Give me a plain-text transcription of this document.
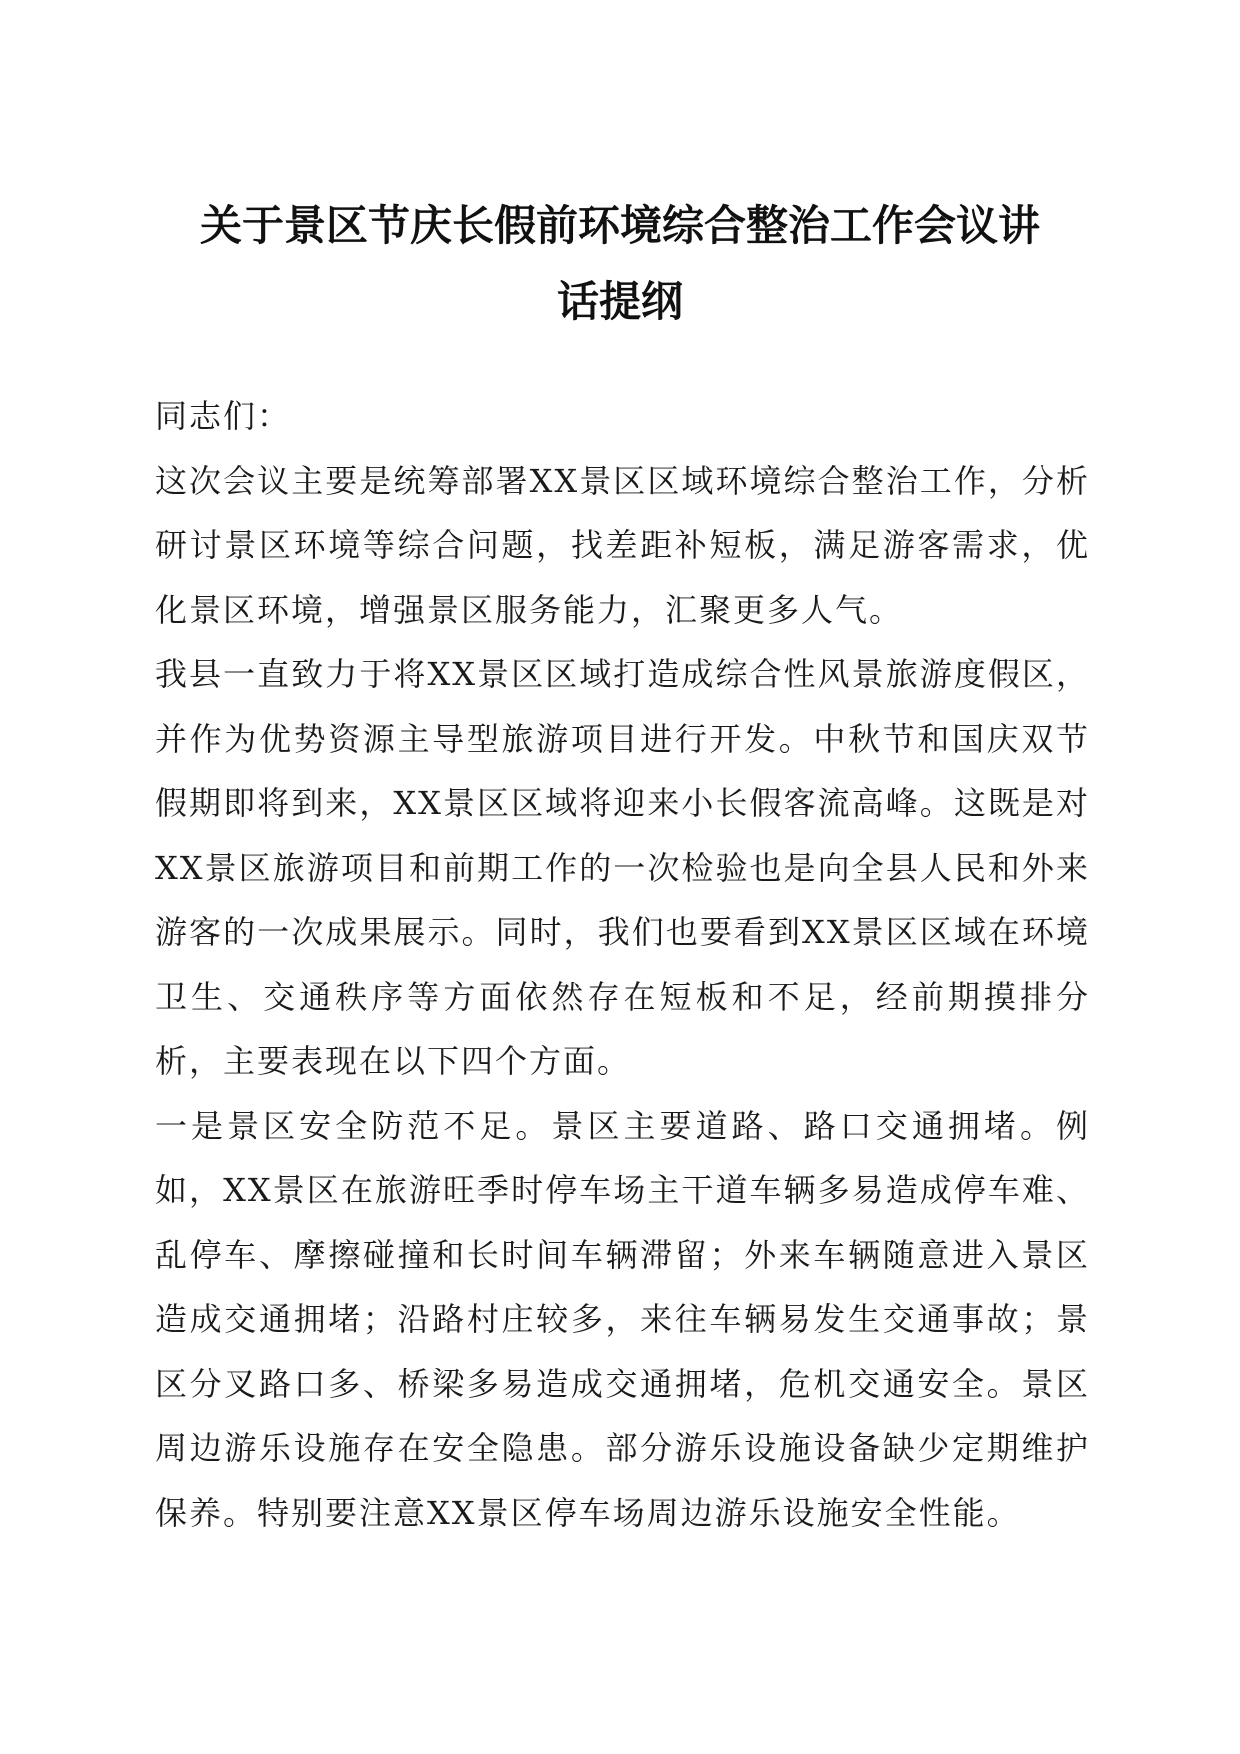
关于景区节庆长假前环境综合整治工作会议讲
话提纲

同志们：

这次会议主要是统筹部署XX景区区域环境综合整治工作，分析研讨景区环境等综合问题，找差距补短板，满足游客需求，优化景区环境，增强景区服务能力，汇聚更多人气。

我县一直致力于将XX景区区域打造成综合性风景旅游度假区，并作为优势资源主导型旅游项目进行开发。中秋节和国庆双节假期即将到来，XX景区区域将迎来小长假客流高峰。这既是对XX景区旅游项目和前期工作的一次检验也是向全县人民和外来游客的一次成果展示。同时，我们也要看到XX景区区域在环境卫生、交通秩序等方面依然存在短板和不足，经前期摸排分析，主要表现在以下四个方面。

一是景区安全防范不足。景区主要道路、路口交通拥堵。例如，XX景区在旅游旺季时停车场主干道车辆多易造成停车难、乱停车、摩擦碰撞和长时间车辆滞留；外来车辆随意进入景区造成交通拥堵；沿路村庄较多，来往车辆易发生交通事故；景区分叉路口多、桥梁多易造成交通拥堵，危机交通安全。景区周边游乐设施存在安全隐患。部分游乐设施设备缺少定期维护保养。特别要注意XX景区停车场周边游乐设施安全性能。
